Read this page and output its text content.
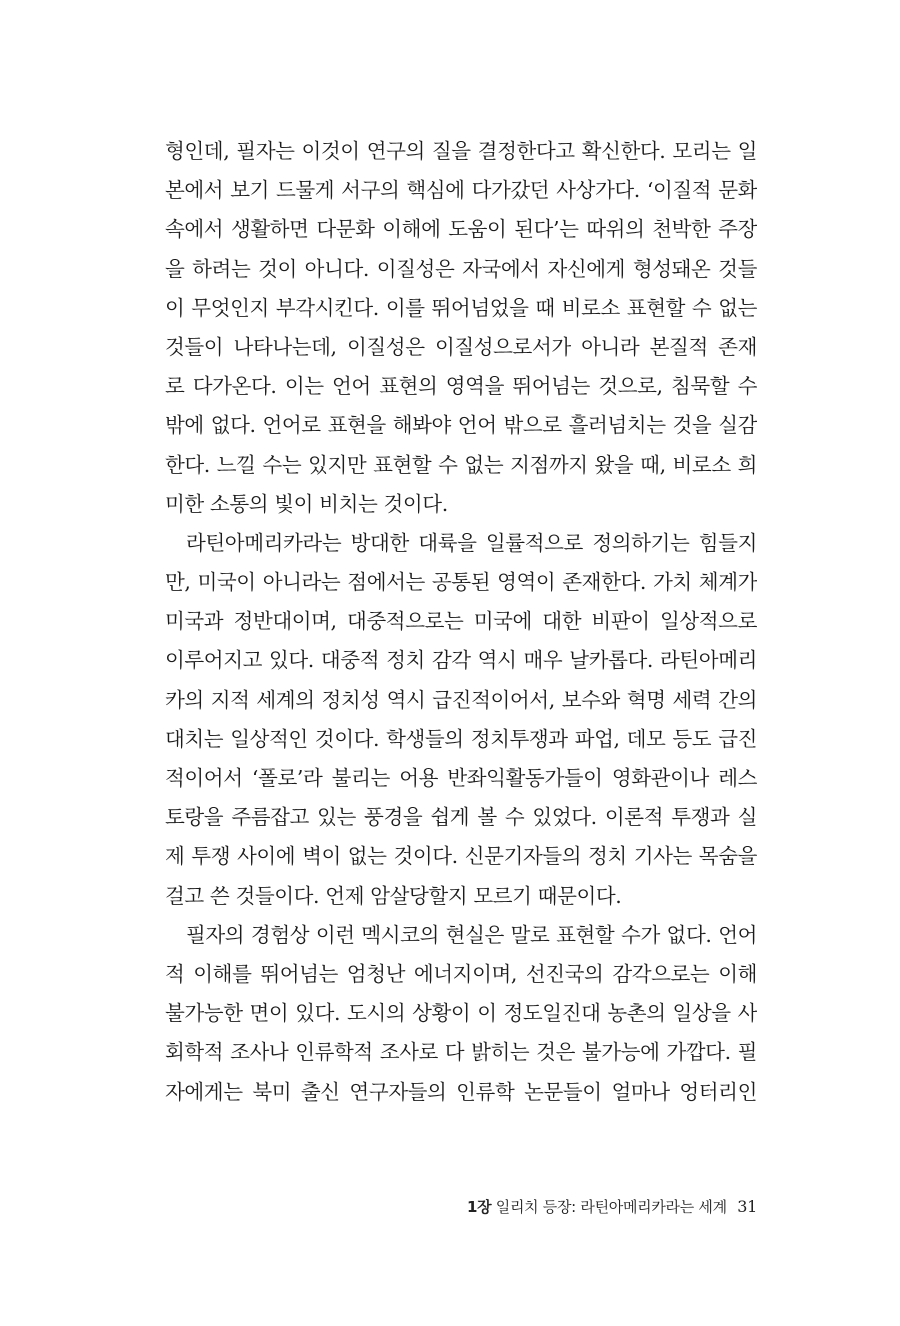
형인데, 필자는 이것이 연구의 질을 결정한다고 확신한다. 모리는 일
본에서 보기 드물게 서구의 핵심에 다가갔던 사상가다. ‘이질적 문화
속에서 생활하면 다문화 이해에 도움이 된다’는 따위의 천박한 주장
을 하려는 것이 아니다. 이질성은 자국에서 자신에게 형성돼온 것들
이 무엇인지 부각시킨다. 이를 뛰어넘었을 때 비로소 표현할 수 없는
것들이 나타나는데, 이질성은 이질성으로서가 아니라 본질적 존재
로 다가온다. 이는 언어 표현의 영역을 뛰어넘는 것으로, 침묵할 수
밖에 없다. 언어로 표현을 해봐야 언어 밖으로 흘러넘치는 것을 실감
한다. 느낄 수는 있지만 표현할 수 없는 지점까지 왔을 때, 비로소 희
미한 소통의 빛이 비치는 것이다.
라틴아메리카라는 방대한 대륙을 일률적으로 정의하기는 힘들지
만, 미국이 아니라는 점에서는 공통된 영역이 존재한다. 가치 체계가
미국과 정반대이며, 대중적으로는 미국에 대한 비판이 일상적으로
이루어지고 있다. 대중적 정치 감각 역시 매우 날카롭다. 라틴아메리
카의 지적 세계의 정치성 역시 급진적이어서, 보수와 혁명 세력 간의
대치는 일상적인 것이다. 학생들의 정치투쟁과 파업, 데모 등도 급진
적이어서 ‘폴로’라 불리는 어용 반좌익활동가들이 영화관이나 레스
토랑을 주름잡고 있는 풍경을 쉽게 볼 수 있었다. 이론적 투쟁과 실
제 투쟁 사이에 벽이 없는 것이다. 신문기자들의 정치 기사는 목숨을
걸고 쓴 것들이다. 언제 암살당할지 모르기 때문이다.
필자의 경험상 이런 멕시코의 현실은 말로 표현할 수가 없다. 언어
적 이해를 뛰어넘는 엄청난 에너지이며, 선진국의 감각으로는 이해
불가능한 면이 있다. 도시의 상황이 이 정도일진대 농촌의 일상을 사
회학적 조사나 인류학적 조사로 다 밝히는 것은 불가능에 가깝다. 필
자에게는 북미 출신 연구자들의 인류학 논문들이 얼마나 엉터리인
1장 일리치 등장: 라틴아메리카라는 세계 31
